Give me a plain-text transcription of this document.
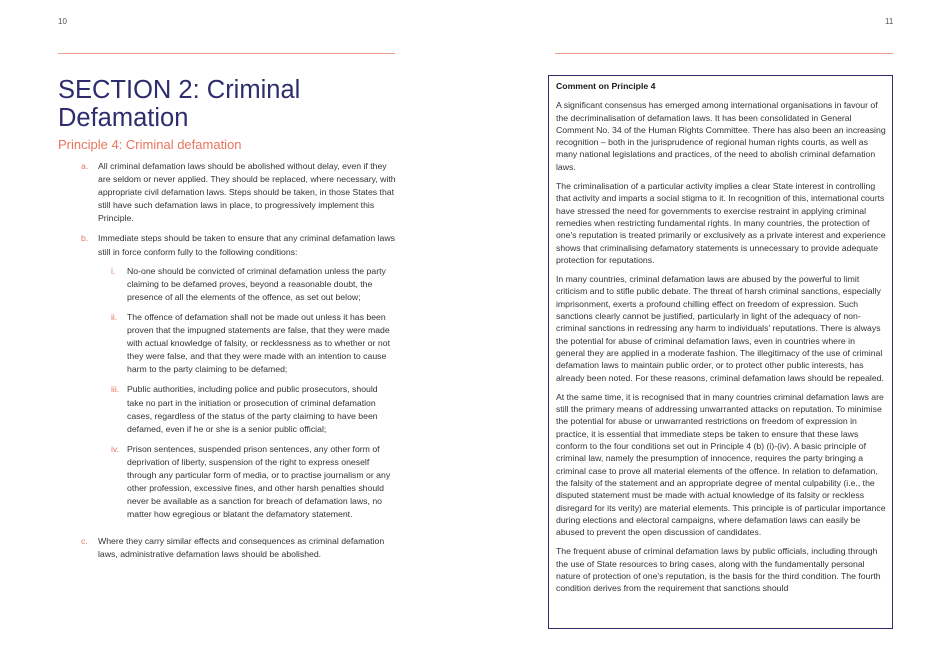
10
SECTION 2: Criminal Defamation
Principle 4: Criminal defamation
a.	All criminal defamation laws should be abolished without delay, even if they are seldom or never applied. They should be replaced, where necessary, with appropriate civil defamation laws. Steps should be taken, in those States that still have such defamation laws in place, to progressively implement this Principle.
b.	Immediate steps should be taken to ensure that any criminal defamation laws still in force conform fully to the following conditions:
i.	No-one should be convicted of criminal defamation unless the party claiming to be defamed proves, beyond a reasonable doubt, the presence of all the elements of the offence, as set out below;
ii.	The offence of defamation shall not be made out unless it has been proven that the impugned statements are false, that they were made with actual knowledge of falsity, or recklessness as to whether or not they were false, and that they were made with an intention to cause harm to the party claiming to be defamed;
iii. Public authorities, including police and public prosecutors, should take no part in the initiation or prosecution of criminal defamation cases, regardless of the status of the party claiming to have been defamed, even if he or she is a senior public official;
iv. Prison sentences, suspended prison sentences, any other form of deprivation of liberty, suspension of the right to express oneself through any particular form of media, or to practise journalism or any other profession, excessive fines, and other harsh penalties should never be available as a sanction for breach of defamation laws, no matter how egregious or blatant the defamatory statement.
c.	Where they carry similar effects and consequences as criminal defamation laws, administrative defamation laws should be abolished.
11
Comment on Principle 4

A significant consensus has emerged among international organisations in favour of the decriminalisation of defamation laws. It has been consolidated in General Comment No. 34 of the Human Rights Committee. There has also been an increasing recognition – both in the jurisprudence of regional human rights courts, as well as many national legislations and practices, of the need to abolish criminal defamation laws.

The criminalisation of a particular activity implies a clear State interest in controlling that activity and imparts a social stigma to it. In recognition of this, international courts have stressed the need for governments to exercise restraint in applying criminal remedies when restricting fundamental rights. In many countries, the protection of one's reputation is treated primarily or exclusively as a private interest and experience shows that criminalising defamatory statements is unnecessary to provide adequate protection for reputations.

In many countries, criminal defamation laws are abused by the powerful to limit criticism and to stifle public debate. The threat of harsh criminal sanctions, especially imprisonment, exerts a profound chilling effect on freedom of expression. Such sanctions clearly cannot be justified, particularly in light of the adequacy of non-criminal sanctions in redressing any harm to individuals' reputations. There is always the potential for abuse of criminal defamation laws, even in countries where in general they are applied in a moderate fashion. The illegitimacy of the use of criminal defamation laws to maintain public order, or to protect other public interests, has already been noted. For these reasons, criminal defamation laws should be repealed.

At the same time, it is recognised that in many countries criminal defamation laws are still the primary means of addressing unwarranted attacks on reputation. To minimise the potential for abuse or unwarranted restrictions on freedom of expression in practice, it is essential that immediate steps be taken to ensure that these laws conform to the four conditions set out in Principle 4 (b) (i)-(iv). A basic principle of criminal law, namely the presumption of innocence, requires the party bringing a criminal case to prove all material elements of the offence. In relation to defamation, the falsity of the statement and an appropriate degree of mental culpability (i.e., the disputed statement must be made with actual knowledge of its falsity or reckless disregard for its verity) are material elements. This principle is of particular importance during elections and electoral campaigns, where defamation laws can easily be abused to prevent the open discussion of candidates.

The frequent abuse of criminal defamation laws by public officials, including through the use of State resources to bring cases, along with the fundamentally personal nature of protection of one's reputation, is the basis for the third condition. The fourth condition derives from the requirement that sanctions should
